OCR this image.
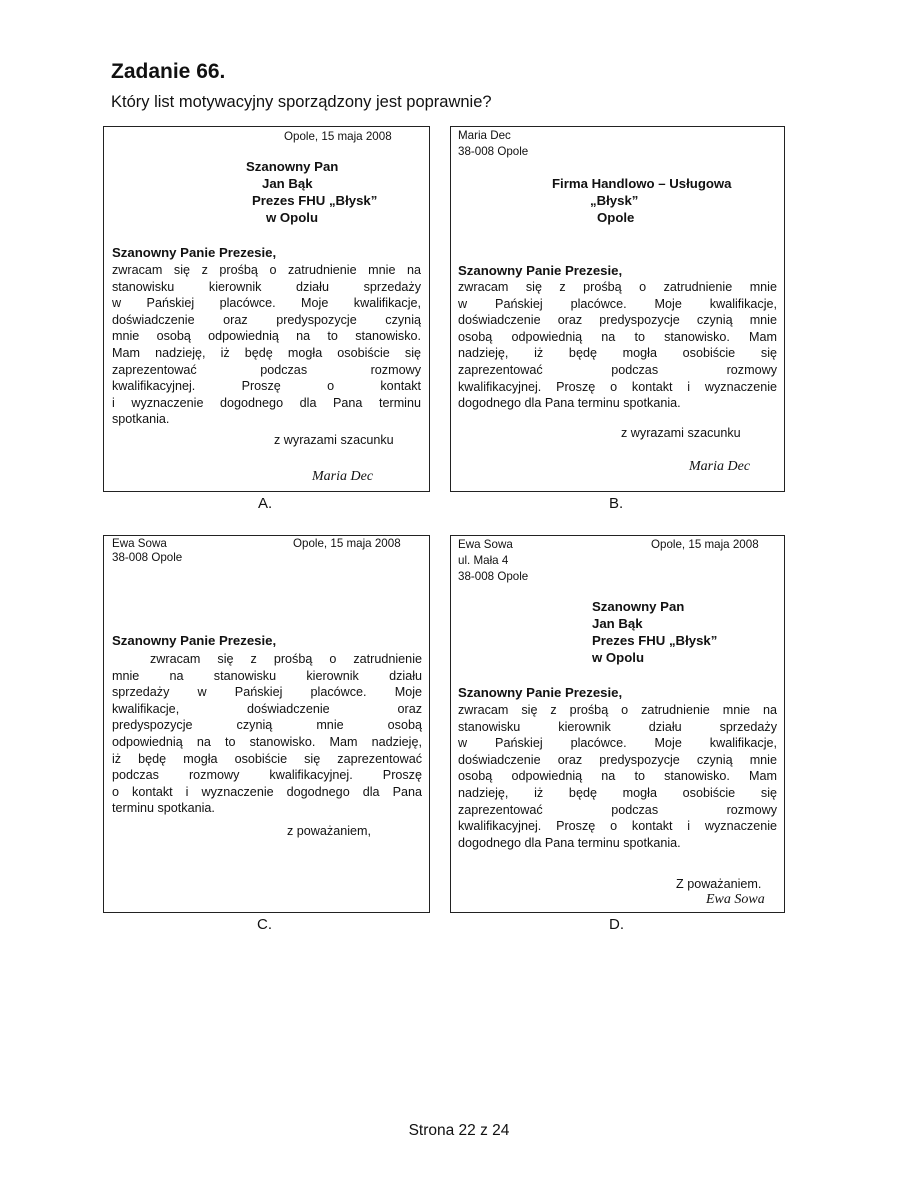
Zadanie 66.
Który list motywacyjny sporządzony jest poprawnie?
Opole, 15 maja 2008
Szanowny Pan
Jan Bąk
Prezes FHU „Błysk”
w Opolu
Szanowny Panie Prezesie,
zwracam się z prośbą o zatrudnienie mnie na
stanowisku kierownik działu sprzedaży
w Pańskiej placówce. Moje kwalifikacje,
doświadczenie oraz predyspozycje czynią
mnie osobą odpowiednią na to stanowisko.
Mam nadzieję, iż będę mogła osobiście się
zaprezentować podczas rozmowy
kwalifikacyjnej. Proszę o kontakt
i wyznaczenie dogodnego dla Pana terminu
spotkania.
z wyrazami szacunku
Maria Dec
A.
Maria Dec
38-008 Opole
Firma Handlowo – Usługowa
„Błysk”
Opole
Szanowny Panie Prezesie,
zwracam się z prośbą o zatrudnienie mnie
w Pańskiej placówce. Moje kwalifikacje,
doświadczenie oraz predyspozycje czynią mnie
osobą odpowiednią na to stanowisko. Mam
nadzieję, iż będę mogła osobiście się
zaprezentować podczas rozmowy
kwalifikacyjnej. Proszę o kontakt i wyznaczenie
dogodnego dla Pana terminu spotkania.
z wyrazami szacunku
Maria Dec
B.
Ewa Sowa
38-008 Opole
Opole, 15 maja 2008
Szanowny Panie Prezesie,
zwracam się z prośbą o zatrudnienie
mnie na stanowisku kierownik działu
sprzedaży w Pańskiej placówce. Moje
kwalifikacje, doświadczenie oraz
predyspozycje czynią mnie osobą
odpowiednią na to stanowisko. Mam nadzieję,
iż będę mogła osobiście się zaprezentować
podczas rozmowy kwalifikacyjnej. Proszę
o kontakt i wyznaczenie dogodnego dla Pana
terminu spotkania.
z poważaniem,
C.
Ewa Sowa
ul. Mała 4
38-008 Opole
Opole, 15 maja 2008
Szanowny Pan
Jan Bąk
Prezes FHU „Błysk”
w Opolu
Szanowny Panie Prezesie,
zwracam się z prośbą o zatrudnienie mnie na
stanowisku kierownik działu sprzedaży
w Pańskiej placówce. Moje kwalifikacje,
doświadczenie oraz predyspozycje czynią mnie
osobą odpowiednią na to stanowisko. Mam
nadzieję, iż będę mogła osobiście się
zaprezentować podczas rozmowy
kwalifikacyjnej. Proszę o kontakt i wyznaczenie
dogodnego dla Pana terminu spotkania.
Z poważaniem.
Ewa Sowa
D.
Strona 22 z 24
